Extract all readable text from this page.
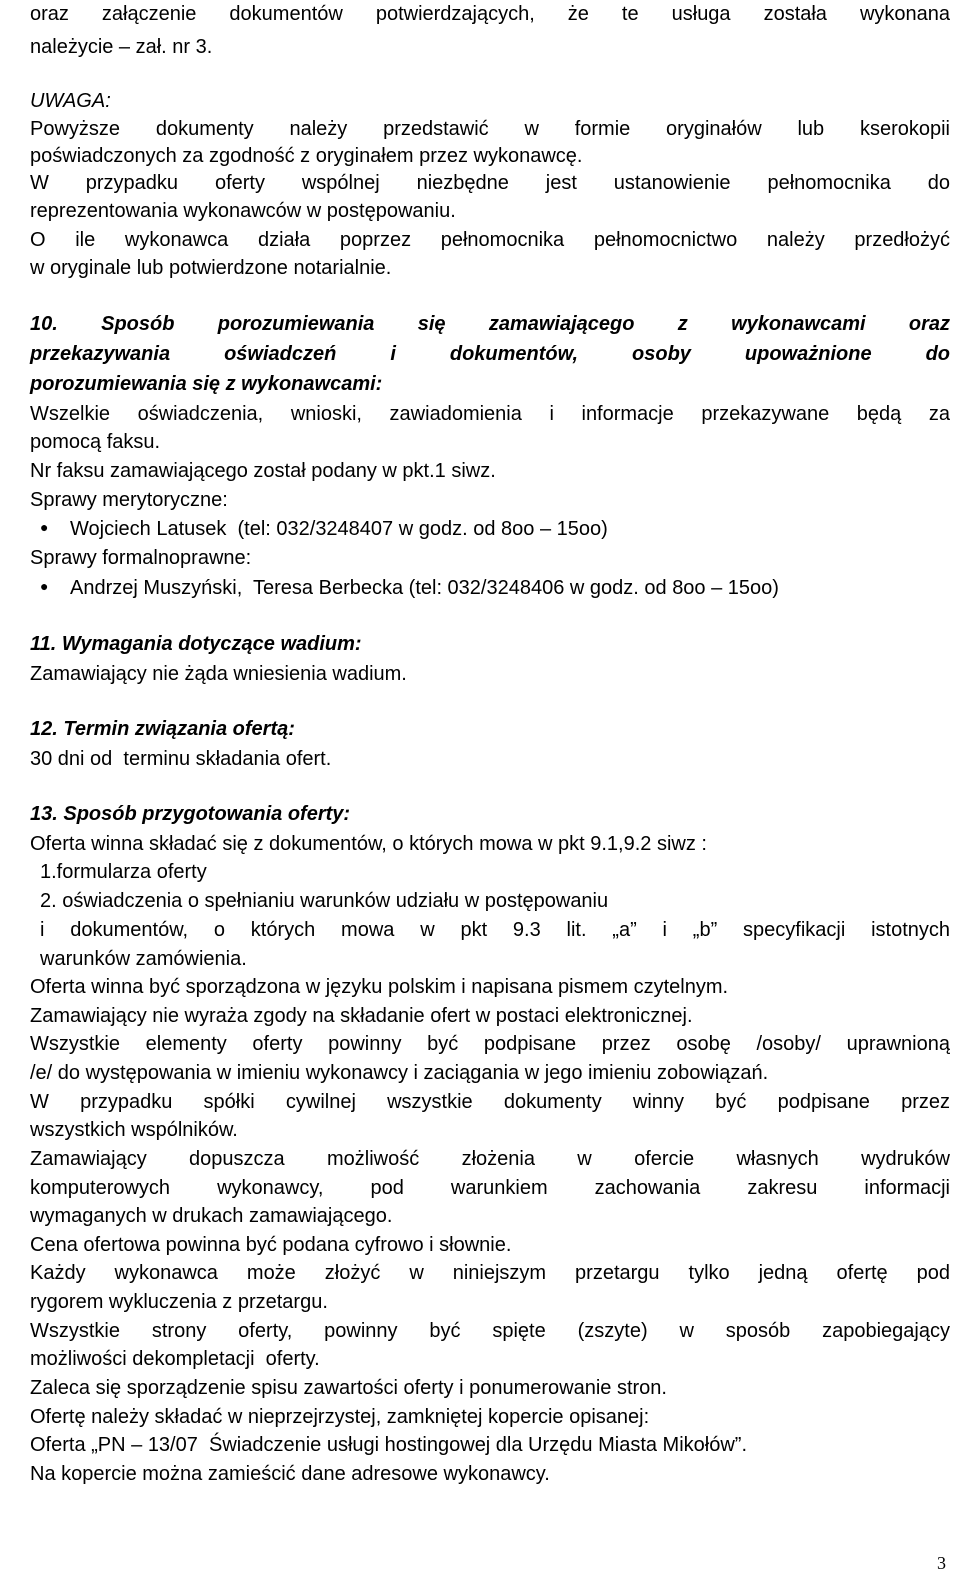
oraz załączenie dokumentów potwierdzających, że te usługa została wykonana
należycie – zał. nr 3.
UWAGA:
Powyższe dokumenty należy przedstawić w formie oryginałów lub kserokopii
poświadczonych za zgodność z oryginałem przez wykonawcę.
W przypadku oferty wspólnej niezbędne jest ustanowienie pełnomocnika do
reprezentowania wykonawców w postępowaniu.
O ile wykonawca działa poprzez pełnomocnika pełnomocnictwo należy przedłożyć
w oryginale lub potwierdzone notarialnie.
10. Sposób porozumiewania się zamawiającego z wykonawcami oraz
przekazywania oświadczeń i dokumentów, osoby upoważnione do
porozumiewania się z wykonawcami:
Wszelkie oświadczenia, wnioski, zawiadomienia i informacje przekazywane będą za
pomocą faksu.
Nr faksu zamawiającego został podany w pkt.1 siwz.
Sprawy merytoryczne:
● Wojciech Latusek  (tel: 032/3248407 w godz. od 8oo – 15oo)
Sprawy formalnoprawne:
● Andrzej Muszyński,  Teresa Berbecka (tel: 032/3248406 w godz. od 8oo – 15oo)
11. Wymagania dotyczące wadium:
Zamawiający nie żąda wniesienia wadium.
12. Termin związania ofertą:
30 dni od  terminu składania ofert.
13. Sposób przygotowania oferty:
Oferta winna składać się z dokumentów, o których mowa w pkt 9.1,9.2 siwz :
1.formularza oferty
2. oświadczenia o spełnianiu warunków udziału w postępowaniu
i dokumentów, o których mowa w pkt 9.3 lit. „a” i „b” specyfikacji istotnych
warunków zamówienia.
Oferta winna być sporządzona w języku polskim i napisana pismem czytelnym.
Zamawiający nie wyraża zgody na składanie ofert w postaci elektronicznej.
Wszystkie elementy oferty powinny być podpisane przez osobę /osoby/ uprawnioną
/e/ do występowania w imieniu wykonawcy i zaciągania w jego imieniu zobowiązań.
W przypadku spółki cywilnej wszystkie dokumenty winny być podpisane przez
wszystkich wspólników.
Zamawiający dopuszcza możliwość złożenia w ofercie własnych wydruków
komputerowych wykonawcy, pod warunkiem zachowania zakresu informacji
wymaganych w drukach zamawiającego.
Cena ofertowa powinna być podana cyfrowo i słownie.
Każdy wykonawca może złożyć w niniejszym przetargu tylko jedną ofertę pod
rygorem wykluczenia z przetargu.
Wszystkie strony oferty, powinny być spięte (zszyte) w sposób zapobiegający
możliwości dekompletacji  oferty.
Zaleca się sporządzenie spisu zawartości oferty i ponumerowanie stron.
Ofertę należy składać w nieprzejrzystej, zamkniętej kopercie opisanej:
Oferta „PN – 13/07  Świadczenie usługi hostingowej dla Urzędu Miasta Mikołów”.
Na kopercie można zamieścić dane adresowe wykonawcy.
3
